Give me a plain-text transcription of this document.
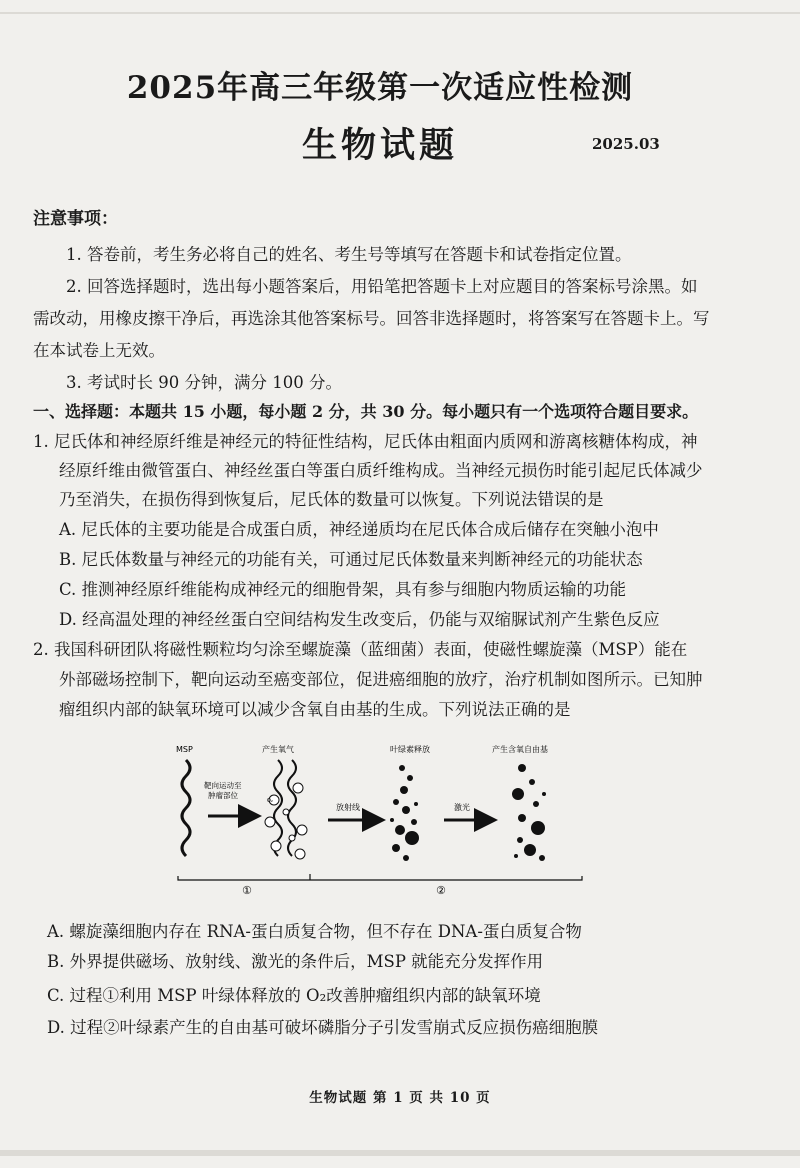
2025年高三年级第一次适应性检测
生物试题	2025.03
注意事项：
1. 答卷前，考生务必将自己的姓名、考生号等填写在答题卡和试卷指定位置。
2. 回答选择题时，选出每小题答案后，用铅笔把答题卡上对应题目的答案标号涂黑。如
需改动，用橡皮擦干净后，再选涂其他答案标号。回答非选择题时，将答案写在答题卡上。写
在本试卷上无效。
3. 考试时长 90 分钟，满分 100 分。
一、选择题：本题共 15 小题，每小题 2 分，共 30 分。每小题只有一个选项符合题目要求。
1. 尼氏体和神经原纤维是神经元的特征性结构，尼氏体由粗面内质网和游离核糖体构成，神
经原纤维由微管蛋白、神经丝蛋白等蛋白质纤维构成。当神经元损伤时能引起尼氏体减少
乃至消失，在损伤得到恢复后，尼氏体的数量可以恢复。下列说法错误的是
A. 尼氏体的主要功能是合成蛋白质，神经递质均在尼氏体合成后储存在突触小泡中
B. 尼氏体数量与神经元的功能有关，可通过尼氏体数量来判断神经元的功能状态
C. 推测神经原纤维能构成神经元的细胞骨架，具有参与细胞内物质运输的功能
D. 经高温处理的神经丝蛋白空间结构发生改变后，仍能与双缩脲试剂产生紫色反应
2. 我国科研团队将磁性颗粒均匀涂至螺旋藻（蓝细菌）表面，使磁性螺旋藻（MSP）能在
外部磁场控制下，靶向运动至癌变部位，促进癌细胞的放疗，治疗机制如图所示。已知肿
瘤组织内部的缺氧环境可以减少含氧自由基的生成。下列说法正确的是
MSP
靶向运动至
肿瘤部位
产生氧气
O₂
放射线
叶绿素释放
激光
产生含氧自由基
①	②
A. 螺旋藻细胞内存在 RNA-蛋白质复合物，但不存在 DNA-蛋白质复合物
B. 外界提供磁场、放射线、激光的条件后，MSP 就能充分发挥作用
C. 过程①利用 MSP 叶绿体释放的 O₂改善肿瘤组织内部的缺氧环境
D. 过程②叶绿素产生的自由基可破坏磷脂分子引发雪崩式反应损伤癌细胞膜
生物试题 第 1 页 共 10 页
